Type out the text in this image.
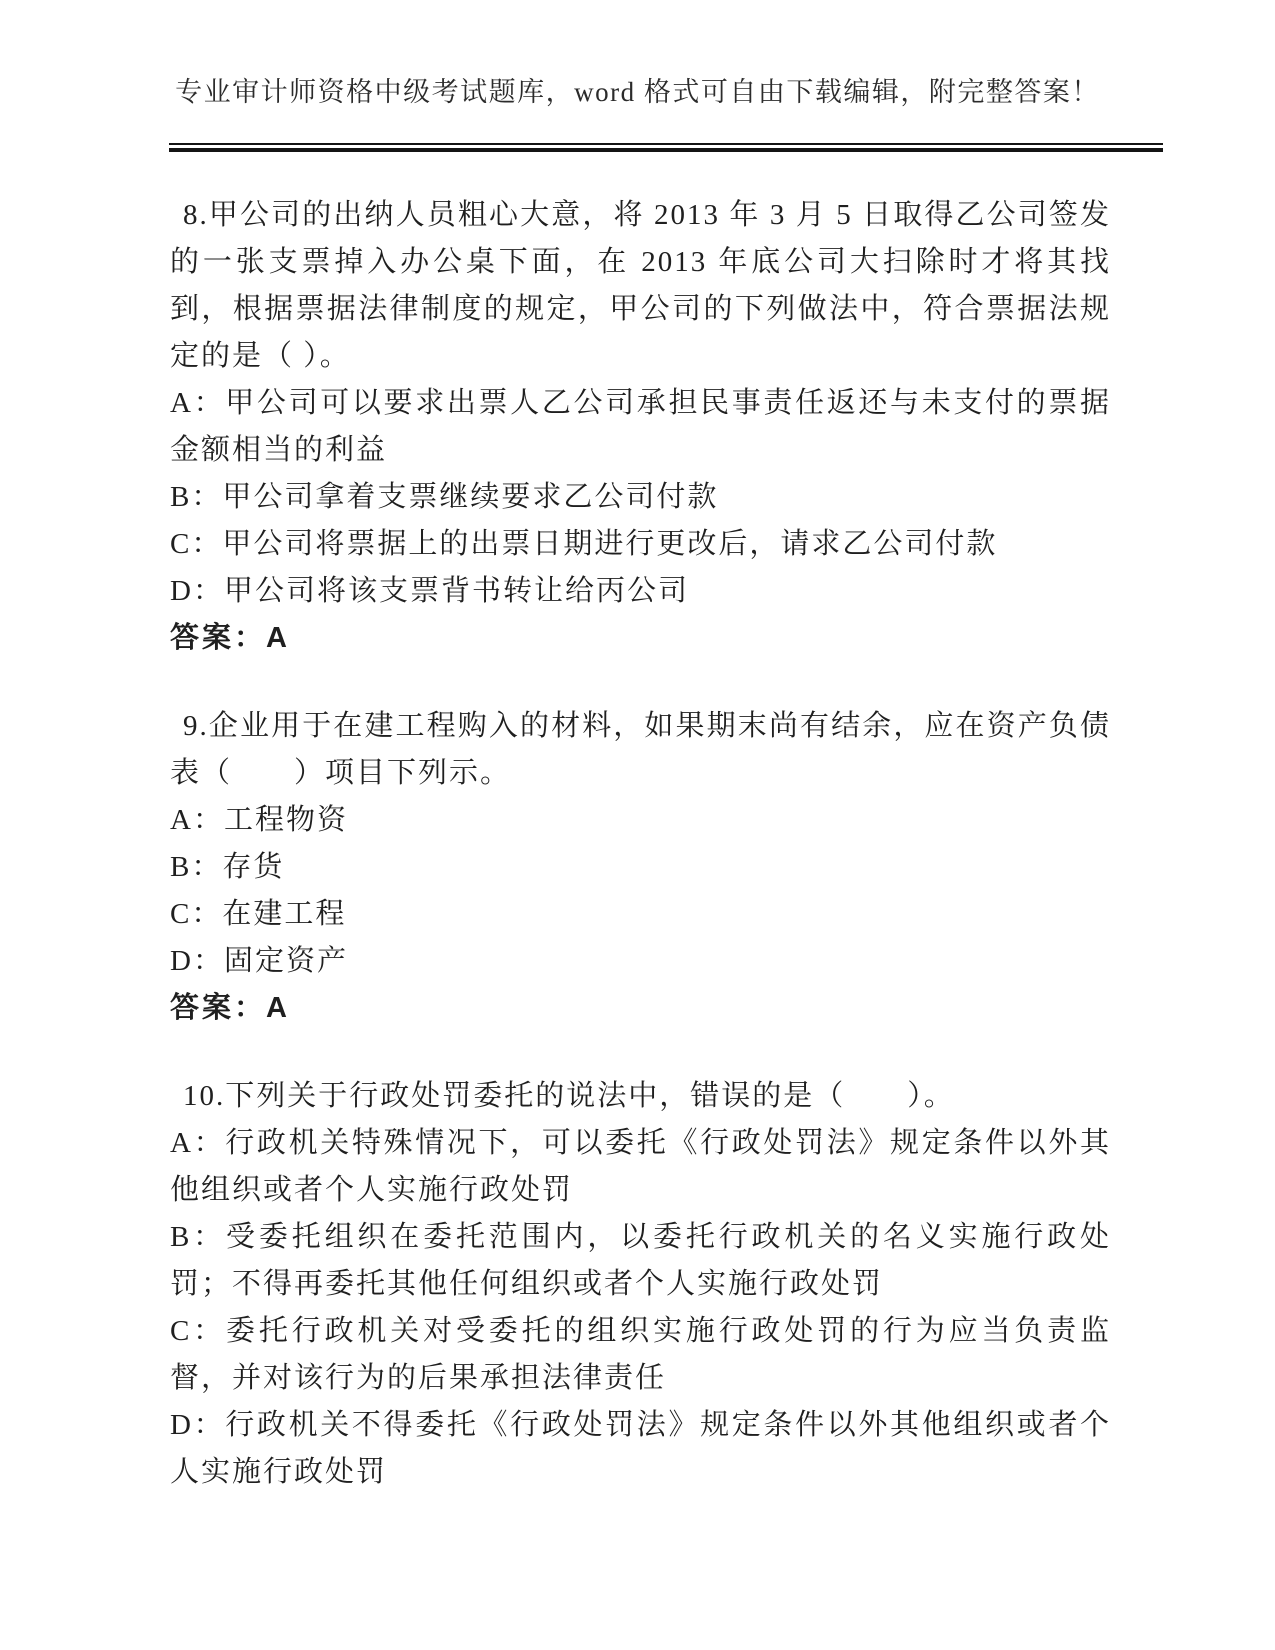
专业审计师资格中级考试题库，word 格式可自由下载编辑，附完整答案！

8.甲公司的出纳人员粗心大意，将 2013 年 3 月 5 日取得乙公司签发的一张支票掉入办公桌下面，在 2013 年底公司大扫除时才将其找到，根据票据法律制度的规定，甲公司的下列做法中，符合票据法规定的是（ ）。

A：甲公司可以要求出票人乙公司承担民事责任返还与未支付的票据金额相当的利益

B：甲公司拿着支票继续要求乙公司付款

C：甲公司将票据上的出票日期进行更改后，请求乙公司付款

D：甲公司将该支票背书转让给丙公司

答案：A

9.企业用于在建工程购入的材料，如果期末尚有结余，应在资产负债表（　　）项目下列示。

A：工程物资

B：存货

C：在建工程

D：固定资产

答案：A

10.下列关于行政处罚委托的说法中，错误的是（　　）。

A：行政机关特殊情况下，可以委托《行政处罚法》规定条件以外其他组织或者个人实施行政处罚

B：受委托组织在委托范围内，以委托行政机关的名义实施行政处罚；不得再委托其他任何组织或者个人实施行政处罚

C：委托行政机关对受委托的组织实施行政处罚的行为应当负责监督，并对该行为的后果承担法律责任

D：行政机关不得委托《行政处罚法》规定条件以外其他组织或者个人实施行政处罚
